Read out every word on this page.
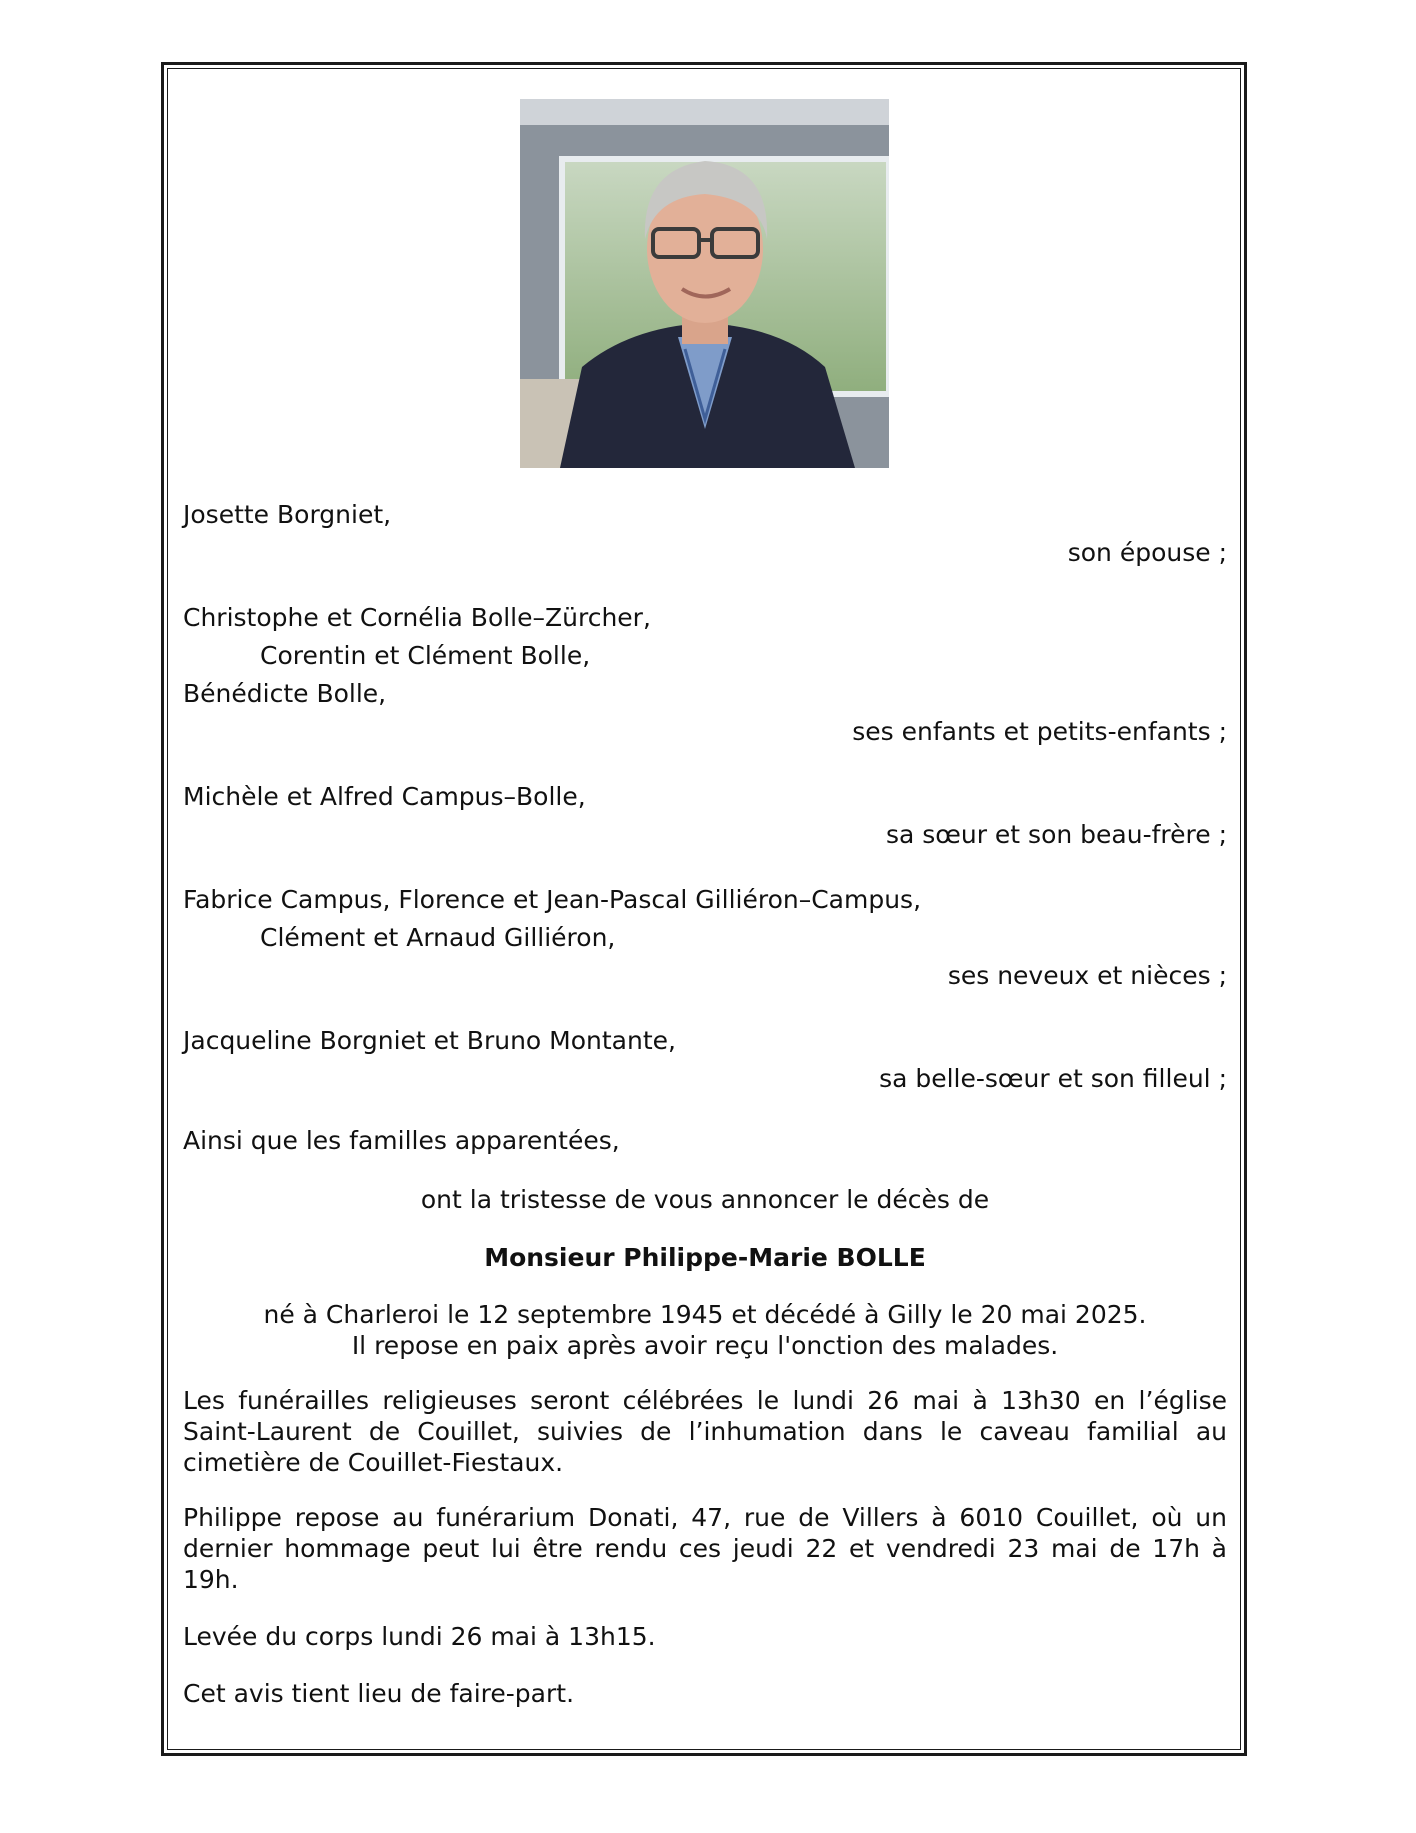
Josette Borgniet,
son épouse ;
Christophe et Cornélia Bolle–Zürcher,
Corentin et Clément Bolle,
Bénédicte Bolle,
ses enfants et petits-enfants ;
Michèle et Alfred Campus–Bolle,
sa sœur et son beau-frère ;
Fabrice Campus, Florence et Jean-Pascal Gilliéron–Campus,
Clément et Arnaud Gilliéron,
ses neveux et nièces ;
Jacqueline Borgniet et Bruno Montante,
sa belle-sœur et son filleul ;
Ainsi que les familles apparentées,
ont la tristesse de vous annoncer le décès de
Monsieur Philippe-Marie BOLLE
né à Charleroi le 12 septembre 1945 et décédé à Gilly le 20 mai 2025.
Il repose en paix après avoir reçu l'onction des malades.
Les funérailles religieuses seront célébrées le lundi 26 mai à 13h30 en l’église Saint-Laurent de Couillet, suivies de l’inhumation dans le caveau familial au cimetière de Couillet-Fiestaux.
Philippe repose au funérarium Donati, 47, rue de Villers à 6010 Couillet, où un dernier hommage peut lui être rendu ces jeudi 22 et vendredi 23 mai de 17h à 19h.
Levée du corps lundi 26 mai à 13h15.
Cet avis tient lieu de faire-part.
